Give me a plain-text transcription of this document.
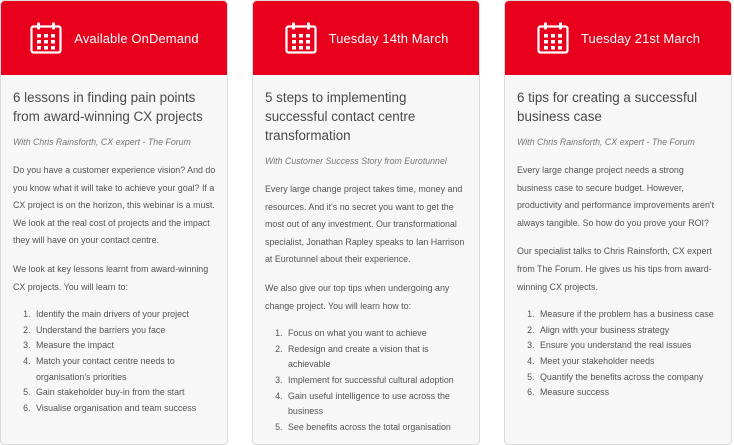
Available OnDemand
6 lessons in finding pain points from award-winning CX projects

With Chris Rainsforth, CX expert - The Forum

Do you have a customer experience vision? And do you know what it will take to achieve your goal? If a CX project is on the horizon, this webinar is a must. We look at the real cost of projects and the impact they will have on your contact centre.

We look at key lessons learnt from award-winning CX projects. You will learn to:

1. Identify the main drivers of your project
2. Understand the barriers you face
3. Measure the impact
4. Match your contact centre needs to organisation's priorities
5. Gain stakeholder buy-in from the start
6. Visualise organisation and team success
Tuesday 14th March
5 steps to implementing successful contact centre transformation

With Customer Success Story from Eurotunnel

Every large change project takes time, money and resources. And it's no secret you want to get the most out of any investment. Our transformational specialist, Jonathan Rapley speaks to Ian Harrison at Eurotunnel about their experience.

We also give our top tips when undergoing any change project. You will learn how to:

1. Focus on what you want to achieve
2. Redesign and create a vision that is achievable
3. Implement for successful cultural adoption
4. Gain useful intelligence to use across the business
5. See benefits across the total organisation
Tuesday 21st March
6 tips for creating a successful business case

With Chris Rainsforth, CX expert - The Forum

Every large change project needs a strong business case to secure budget. However, productivity and performance improvements aren't always tangible. So how do you prove your ROI?

Our specialist talks to Chris Rainsforth, CX expert from The Forum. He gives us his tips from award-winning CX projects.

1. Measure if the problem has a business case
2. Align with your business strategy
3. Ensure you understand the real issues
4. Meet your stakeholder needs
5. Quantify the benefits across the company
6. Measure success
